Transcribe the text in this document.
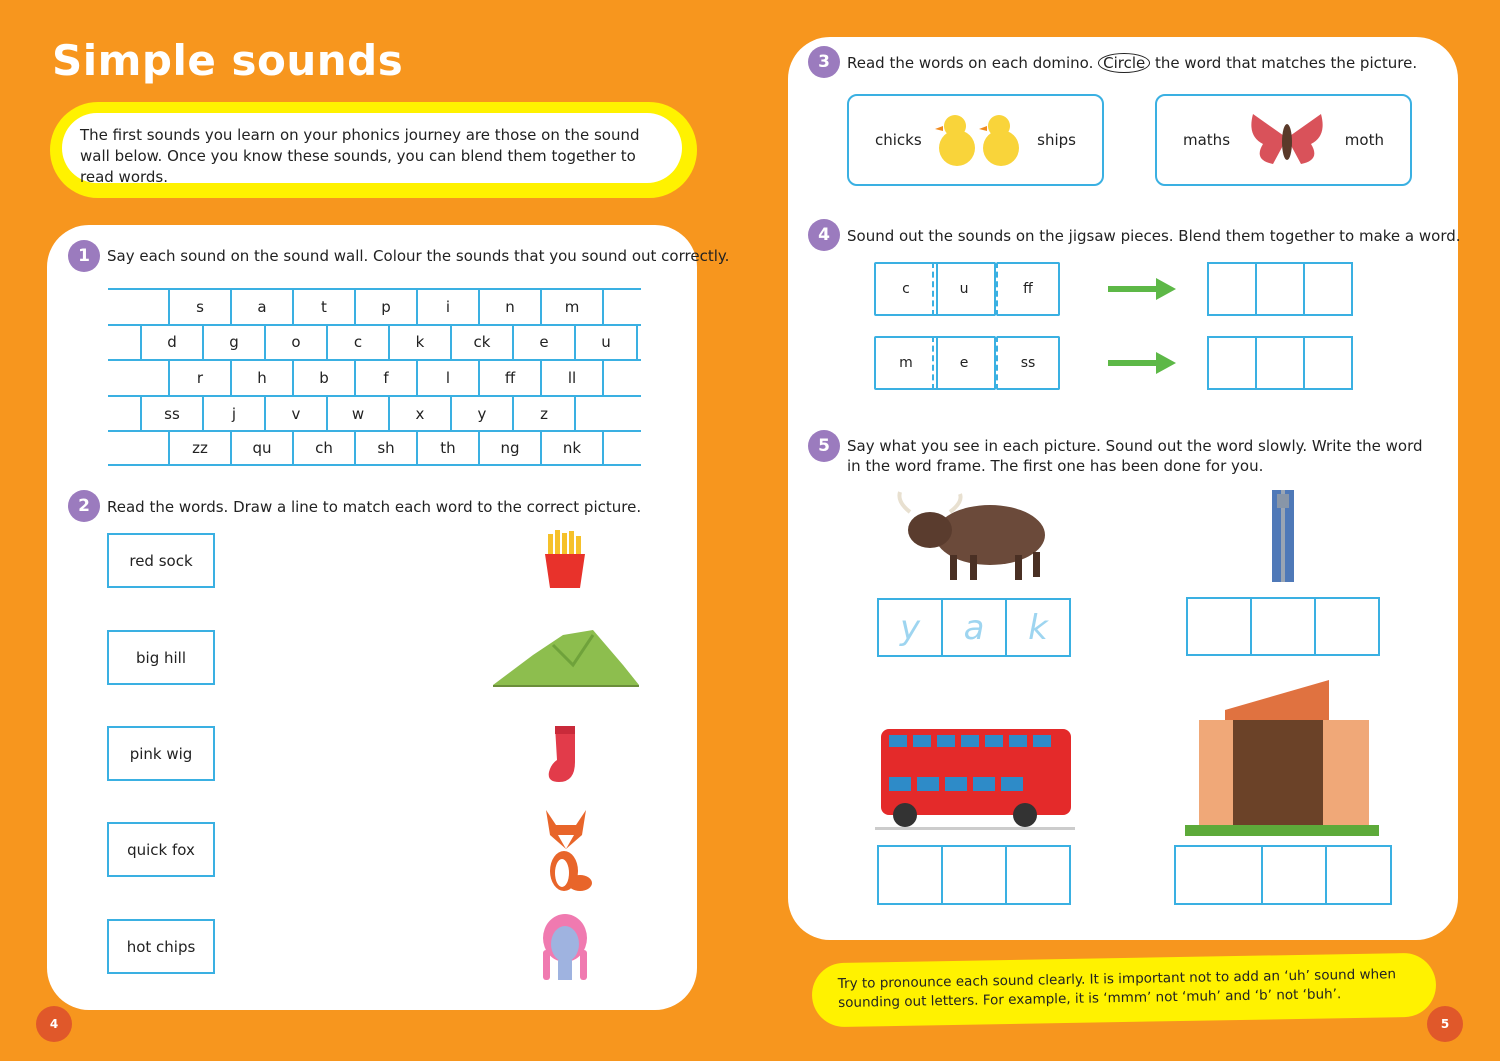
Simple sounds
The first sounds you learn on your phonics journey are those on the sound wall below. Once you know these sounds, you can blend them together to read words.
1	Say each sound on the sound wall. Colour the sounds that you sound out correctly.
s	a	t	p	i	n	m
d	g	o	c	k	ck	e	u
r	h	b	f	l	ff	ll
ss	j	v	w	x	y	z
zz	qu	ch	sh	th	ng	nk
2	Read the words. Draw a line to match each word to the correct picture.
red sock
big hill
pink wig
quick fox
hot chips
4
3	Read the words on each domino. Circle the word that matches the picture.
chicks	ships	maths	moth
4	Sound out the sounds on the jigsaw pieces. Blend them together to make a word.
c	u	ff
m	e	ss
5	Say what you see in each picture. Sound out the word slowly. Write the word in the word frame. The first one has been done for you.
y	a	k
Try to pronounce each sound clearly. It is important not to add an ‘uh’ sound when sounding out letters. For example, it is ‘mmm’ not ‘muh’ and ‘b’ not ‘buh’.
5
